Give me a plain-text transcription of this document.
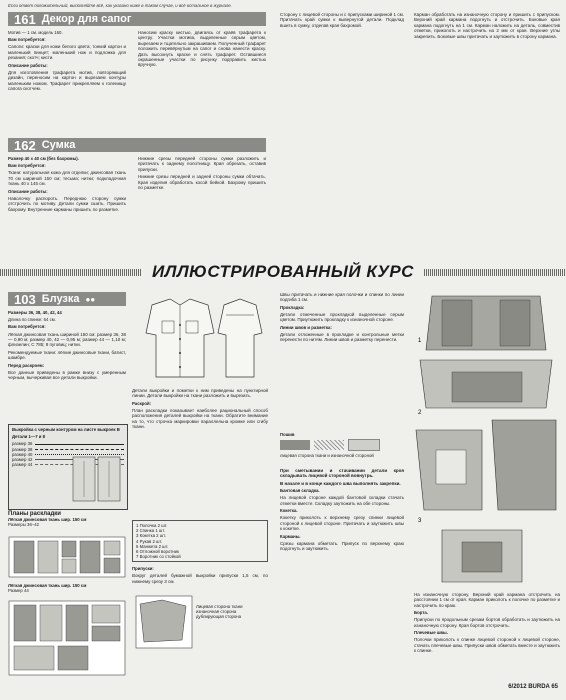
Если ответ положительный, выполняйте всё, как указано ниже в таком случае, и всё остальное в журнале.
161 Декор для сапог

Мотив — 1 см. модель 160.

Вам потребуется:

Сапоги: краски для кожи белого цвета; тонкий картон и маленький пинцет; маленький нож и подложка для резания; скотч; кисти.

Описание работы:

Для изготовления трафарета мотив, повторяющий дизайн, переносим на картон и вырезаем контуры маленьким ножом. Трафарет прикрепляем к голенищу сапога скотчем.

Наносим краску кистью, двигаясь от краёв трафарета к центру. Участки мотива, выделенные серым цветом, вырезаем и тщательно закрашиваем. Полученный трафарет положить перевёрнутым на сапог и снова нанести краску. Дать высохнуть краске и снять трафарет. Оставшиеся окрашенные участки по рисунку подправить кистью вручную.

162 Сумка

Размер 40 х 40 см (без бахромы).

Вам потребуется:

Ткани: натуральная кожа для отделки; джинсовая ткань 70 см шириной 150 см; тесьма; нитки; подкладочная ткань 40 x 145 см.

Описание работы:

Наволочку распороть. Переднюю сторону сумки отстрочить по мотиву. Детали сумки сшить. Пришить бахрому. Внутренние карманы пришить по разметке.

Нижние срезы передней стороны сумки разложить и притачать к заднему полотнищу. Края обрезать, оставив припуски.

Нижние срезы передней и задней стороны сумки обтачать. Края изделия обработать косой бейкой. Бахрому пришить по разметке.

Сторону с лицевой стороны и с припусками шириной 1 см. Притачать край сумки к вывернутой детали. Подклад вшить в сумку, отделав края бахромой.

Карман обработать на изнаночную сторону и пришить с припуском. Верхний край кармана подогнуть и отстрочить. Боковые края кармана подогнуть на 1 см. Карман наложить на деталь, совместив отметки, приколоть и настрочить на 2 мм от края. Верхние углы закрепить. Боковые швы притачать и заутюжить в сторону кармана.

ИЛЛЮСТРИРОВАННЫЙ КУРС
103 Блузка ●●

Размеры 36, 38, 40, 42, 44

Длина по спинке: 64 см.

Вам потребуется:

Лёгкая джинсовая ткань шириной 150 см: размер 36, 38 — 0,90 м; размер 40, 42 — 0,95 м; размер 44 — 1,10 м; флизелин; С 785; 8 пуговиц; нитки.

Рекомендуемые ткани: лёгкие джинсовые ткани, батист, шамбре.

Перед раскроем:

Все данные приведены в рамке внизу с умеренным черным, вычеркивая все детали выкройки.

Выкройка с черным контуром на листе выкроек B
Детали 1—7 и 8
размер 36
размер 38
размер 40
размер 42
размер 44
Планы раскладки
Лёгкая джинсовая ткань шир. 150 см
Размеры 36–42
Лёгкая джинсовая ткань шир. 150 см
Размер 44

Детали выкройки и пометки к ним приведены на пунктирной линии. Детали выкройки на ткани разложить и вырезать.

Раскрой:

План раскладки показывает наиболее рациональный способ расположения деталей выкройки на ткани. Обратите внимание на то, что строчка маркировки параллельна кромке или сгибу ткани.

1 Полочка 2 шт.
2 Спинка 1 шт.
3 Кокетка 2 шт.
4 Рукав 2 шт.
5 Манжета 2 шт.
6 Отложной воротник
7 Воротник со стойкой

Припуски:

Вокруг деталей бумажной выкройки припуски 1,5 см, по нижнему срезу 3 см.

Лицевая сторона ткани
изнаночная сторона
дублирующая сторона

Швы притачать и нижние края полочки и спинки по линии подгиба 1 см.

Прокладка:

Детали отмеченные прокладкой выделенные серым цветом. Приутюжить прокладку к изнаночной стороне.

Линии швов и разметка:

Детали отложенные в прокладке и контрольные метки перенести по нитям. Линии швов и разметку перенести.

Пошив
лицевая сторона ткани и изнаночной стороной

При сметывании и стачивании детали кроя складывать лицевой стороной вовнутрь.

В начале и в конце каждого шва выполнять закрепки.

Бантовая складка.

На лицевой стороне каждой бантовой складки стачать отметки вместе. Складку заутюжить на обе стороны.

Кокетка.

Кокетку приколоть к верхнему срезу спинки лицевой стороной к лицевой стороне. Притачать и заутюжить швы к кокетке.

Карманы.

Срезы кармана обметать. Припуск по верхнему краю подогнуть и заутюжить.

1
2
3

На изнаночную сторону. Верхний край кармана отстрочить на расстоянии 1 см от края. Карман приколоть к полочке по разметке и настрочить по краю.

Борта.

Припуски по продольным срезам бортов обработать и заутюжить на изнаночную сторону. Края бортов отстрочить.

Плечевые швы.

Полочки приколоть к спинке лицевой стороной к лицевой стороне, стачать плечевые швы. Припуски швов обметать вместе и заутюжить к спинке.

6/2012 BURDA 65
